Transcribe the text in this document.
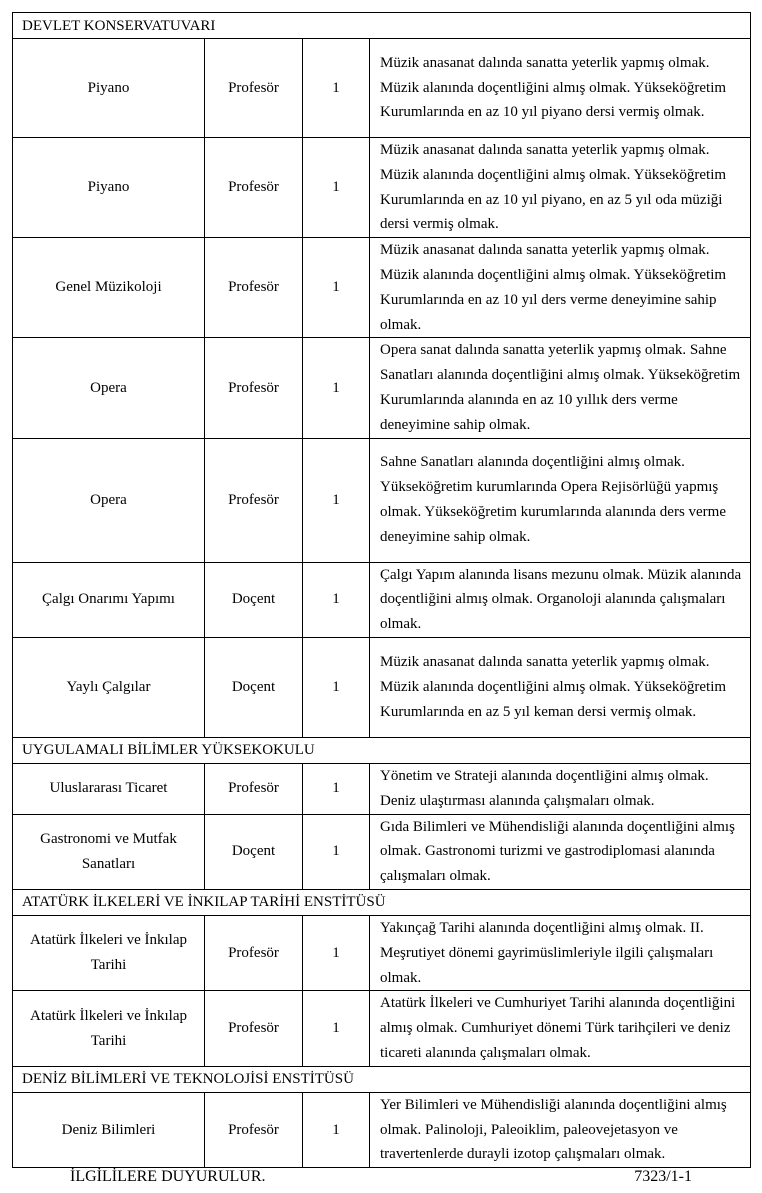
DEVLET KONSERVATUVARI			
Piyano	Profesör	1	Müzik anasanat dalında sanatta yeterlik yapmış olmak. Müzik alanında doçentliğini almış olmak. Yükseköğretim Kurumlarında en az 10 yıl piyano dersi vermiş olmak.
Piyano	Profesör	1	Müzik anasanat dalında sanatta yeterlik yapmış olmak. Müzik alanında doçentliğini almış olmak. Yükseköğretim Kurumlarında en az 10 yıl piyano, en az 5 yıl oda müziği dersi vermiş olmak.
Genel Müzikoloji	Profesör	1	Müzik anasanat dalında sanatta yeterlik yapmış olmak. Müzik alanında doçentliğini almış olmak. Yükseköğretim Kurumlarında en az 10 yıl ders verme deneyimine sahip olmak.
Opera	Profesör	1	Opera sanat dalında sanatta yeterlik yapmış olmak. Sahne Sanatları alanında doçentliğini almış olmak. Yükseköğretim Kurumlarında alanında en az 10 yıllık ders verme deneyimine sahip olmak.
Opera	Profesör	1	Sahne Sanatları alanında doçentliğini almış olmak. Yükseköğretim kurumlarında Opera Rejisörlüğü yapmış olmak. Yükseköğretim kurumlarında alanında ders verme deneyimine sahip olmak.
Çalgı Onarımı Yapımı	Doçent	1	Çalgı Yapım alanında lisans mezunu olmak. Müzik alanında doçentliğini almış olmak. Organoloji alanında çalışmaları olmak.
Yaylı Çalgılar	Doçent	1	Müzik anasanat dalında sanatta yeterlik yapmış olmak. Müzik alanında doçentliğini almış olmak. Yükseköğretim Kurumlarında en az 5 yıl keman dersi vermiş olmak.
UYGULAMALI BİLİMLER YÜKSEKOKULU			
Uluslararası Ticaret	Profesör	1	Yönetim ve Strateji alanında doçentliğini almış olmak. Deniz ulaştırması alanında çalışmaları olmak.
Gastronomi ve Mutfak Sanatları	Doçent	1	Gıda Bilimleri ve Mühendisliği alanında doçentliğini almış olmak. Gastronomi turizmi ve gastrodiplomasi alanında çalışmaları olmak.
ATATÜRK İLKELERİ VE İNKILAP TARİHİ ENSTİTÜSÜ			
Atatürk İlkeleri ve İnkılap Tarihi	Profesör	1	Yakınçağ Tarihi alanında doçentliğini almış olmak. II. Meşrutiyet dönemi gayrimüslimleriyle ilgili çalışmaları olmak.
Atatürk İlkeleri ve İnkılap Tarihi	Profesör	1	Atatürk İlkeleri ve Cumhuriyet Tarihi alanında doçentliğini almış olmak. Cumhuriyet dönemi Türk tarihçileri ve deniz ticareti alanında çalışmaları olmak.
DENİZ BİLİMLERİ VE TEKNOLOJİSİ ENSTİTÜSÜ			
Deniz Bilimleri	Profesör	1	Yer Bilimleri ve Mühendisliği alanında doçentliğini almış olmak. Palinoloji, Paleoiklim, paleovejetasyon ve travertenlerde durayli izotop çalışmaları olmak.
İLGİLİLERE DUYURULUR.	7323/1-1
